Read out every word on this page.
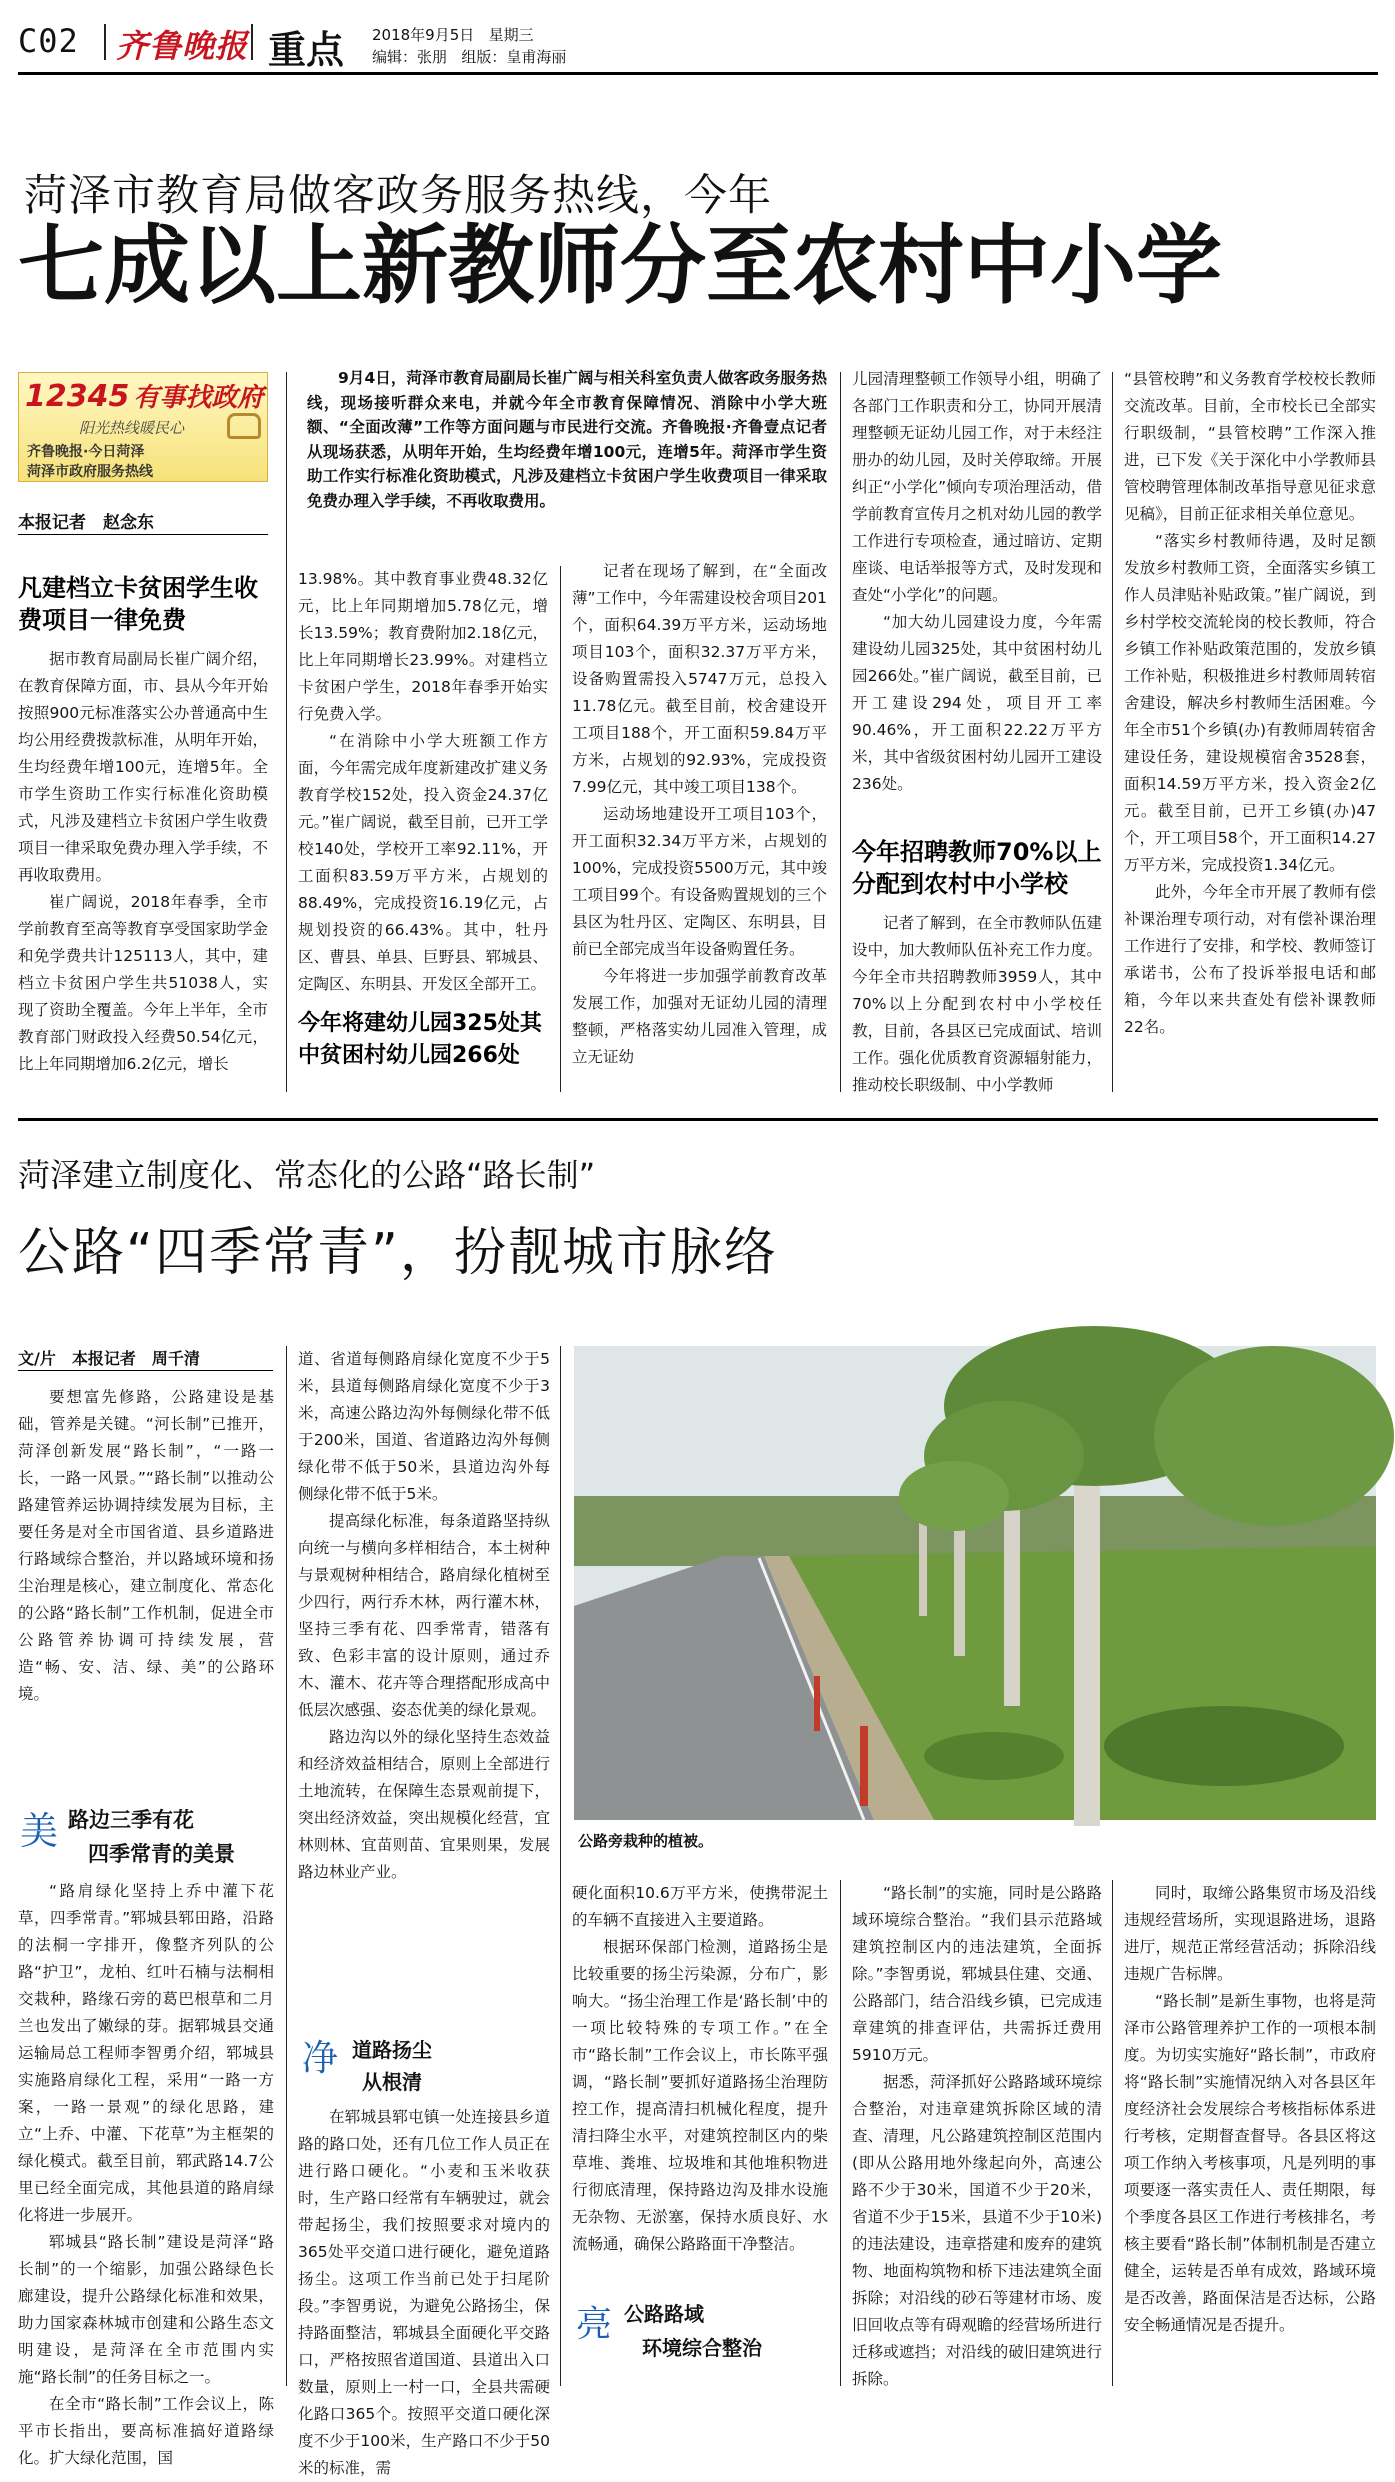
C02 齐鲁晚报 重点 2018年9月5日 星期三
编辑：张朋 组版：皇甫海丽
菏泽市教育局做客政务服务热线，今年
七成以上新教师分至农村中小学
12345 有事找政府
阳光热线暖民心
齐鲁晚报·今日菏泽
菏泽市政府服务热线
本报记者　赵念东

9月4日，菏泽市教育局副局长崔广阔与相关科室负责人做客政务服务热线，现场接听群众来电，并就今年全市教育保障情况、消除中小学大班额、“全面改薄”工作等方面问题与市民进行交流。齐鲁晚报·齐鲁壹点记者从现场获悉，从明年开始，生均经费年增100元，连增5年。菏泽市学生资助工作实行标准化资助模式，凡涉及建档立卡贫困户学生收费项目一律采取免费办理入学手续，不再收取费用。

凡建档立卡贫困学生收费项目一律免费

据市教育局副局长崔广阔介绍，在教育保障方面，市、县从今年开始按照900元标准落实公办普通高中生均公用经费拨款标准，从明年开始，生均经费年增100元，连增5年。全市学生资助工作实行标准化资助模式，凡涉及建档立卡贫困户学生收费项目一律采取免费办理入学手续，不再收取费用。

崔广阔说，2018年春季，全市学前教育至高等教育享受国家助学金和免学费共计125113人，其中，建档立卡贫困户学生共51038人，实现了资助全覆盖。今年上半年，全市教育部门财政投入经费50.54亿元，比上年同期增加6.2亿元，增长

13.98%。其中教育事业费48.32亿元，比上年同期增加5.78亿元，增长13.59%；教育费附加2.18亿元，比上年同期增长23.99%。对建档立卡贫困户学生，2018年春季开始实行免费入学。

“在消除中小学大班额工作方面，今年需完成年度新建改扩建义务教育学校152处，投入资金24.37亿元。”崔广阔说，截至目前，已开工学校140处，学校开工率92.11%，开工面积83.59万平方米，占规划的88.49%，完成投资16.19亿元，占规划投资的66.43%。其中，牡丹区、曹县、单县、巨野县、郓城县、定陶区、东明县、开发区全部开工。

今年将建幼儿园325处其中贫困村幼儿园266处

记者在现场了解到，在“全面改薄”工作中，今年需建设校舍项目201个，面积64.39万平方米，运动场地项目103个，面积32.37万平方米，设备购置需投入5747万元，总投入11.78亿元。截至目前，校舍建设开工项目188个，开工面积59.84万平方米，占规划的92.93%，完成投资7.99亿元，其中竣工项目138个。

运动场地建设开工项目103个，开工面积32.34万平方米，占规划的100%，完成投资5500万元，其中竣工项目99个。有设备购置规划的三个县区为牡丹区、定陶区、东明县，目前已全部完成当年设备购置任务。

今年将进一步加强学前教育改革发展工作，加强对无证幼儿园的清理整顿，严格落实幼儿园准入管理，成立无证幼

儿园清理整顿工作领导小组，明确了各部门工作职责和分工，协同开展清理整顿无证幼儿园工作，对于未经注册办的幼儿园，及时关停取缔。开展纠正“小学化”倾向专项治理活动，借学前教育宣传月之机对幼儿园的教学工作进行专项检查，通过暗访、定期座谈、电话举报等方式，及时发现和查处“小学化”的问题。

“加大幼儿园建设力度，今年需建设幼儿园325处，其中贫困村幼儿园266处。”崔广阔说，截至目前，已开工建设294处，项目开工率90.46%，开工面积22.22万平方米，其中省级贫困村幼儿园开工建设236处。

今年招聘教师70%以上分配到农村中小学校

记者了解到，在全市教师队伍建设中，加大教师队伍补充工作力度。今年全市共招聘教师3959人，其中70%以上分配到农村中小学校任教，目前，各县区已完成面试、培训工作。强化优质教育资源辐射能力，推动校长职级制、中小学教师

“县管校聘”和义务教育学校校长教师交流改革。目前，全市校长已全部实行职级制，“县管校聘”工作深入推进，已下发《关于深化中小学教师县管校聘管理体制改革指导意见征求意见稿》，目前正征求相关单位意见。

“落实乡村教师待遇，及时足额发放乡村教师工资，全面落实乡镇工作人员津贴补贴政策。”崔广阔说，到乡村学校交流轮岗的校长教师，符合乡镇工作补贴政策范围的，发放乡镇工作补贴，积极推进乡村教师周转宿舍建设，解决乡村教师生活困难。今年全市51个乡镇(办)有教师周转宿舍建设任务，建设规模宿舍3528套，面积14.59万平方米，投入资金2亿元。截至目前，已开工乡镇(办)47个，开工项目58个，开工面积14.27万平方米，完成投资1.34亿元。

此外，今年全市开展了教师有偿补课治理专项行动，对有偿补课治理工作进行了安排，和学校、教师签订承诺书，公布了投诉举报电话和邮箱，今年以来共查处有偿补课教师22名。

菏泽建立制度化、常态化的公路“路长制”
公路“四季常青”，扮靓城市脉络
文/片　本报记者　周千清
公路旁栽种的植被。

要想富先修路，公路建设是基础，管养是关键。“河长制”已推开，菏泽创新发展“路长制”，“一路一长，一路一风景。”“路长制”以推动公路建管养运协调持续发展为目标，主要任务是对全市国省道、县乡道路进行路域综合整治，并以路域环境和扬尘治理是核心，建立制度化、常态化的公路“路长制”工作机制，促进全市公路管养协调可持续发展，营造“畅、安、洁、绿、美”的公路环境。

美 路边三季有花
四季常青的美景

“路肩绿化坚持上乔中灌下花草，四季常青。”郓城县郓田路，沿路的法桐一字排开，像整齐列队的公路“护卫”，龙柏、红叶石楠与法桐相交栽种，路缘石旁的葛巴根草和二月兰也发出了嫩绿的芽。据郓城县交通运输局总工程师李智勇介绍，郓城县实施路肩绿化工程，采用“一路一方案，一路一景观”的绿化思路，建立“上乔、中灌、下花草”为主框架的绿化模式。截至目前，郓武路14.7公里已经全面完成，其他县道的路肩绿化将进一步展开。

郓城县“路长制”建设是菏泽“路长制”的一个缩影，加强公路绿色长廊建设，提升公路绿化标准和效果，助力国家森林城市创建和公路生态文明建设，是菏泽在全市范围内实施“路长制”的任务目标之一。

在全市“路长制”工作会议上，陈平市长指出，要高标准搞好道路绿化。扩大绿化范围，国

道、省道每侧路肩绿化宽度不少于5米，县道每侧路肩绿化宽度不少于3米，高速公路边沟外每侧绿化带不低于200米，国道、省道路边沟外每侧绿化带不低于50米，县道边沟外每侧绿化带不低于5米。

提高绿化标准，每条道路坚持纵向统一与横向多样相结合，本土树种与景观树种相结合，路肩绿化植树至少四行，两行乔木林，两行灌木林，坚持三季有花、四季常青，错落有致、色彩丰富的设计原则，通过乔木、灌木、花卉等合理搭配形成高中低层次感强、姿态优美的绿化景观。

路边沟以外的绿化坚持生态效益和经济效益相结合，原则上全部进行土地流转，在保障生态景观前提下，突出经济效益，突出规模化经营，宜林则林、宜苗则苗、宜果则果，发展路边林业产业。

净 道路扬尘
从根清

在郓城县郓屯镇一处连接县乡道路的路口处，还有几位工作人员正在进行路口硬化。“小麦和玉米收获时，生产路口经常有车辆驶过，就会带起扬尘，我们按照要求对境内的365处平交道口进行硬化，避免道路扬尘。这项工作当前已处于扫尾阶段。”李智勇说，为避免公路扬尘，保持路面整洁，郓城县全面硬化平交路口，严格按照省道国道、县道出入口数量，原则上一村一口，全县共需硬化路口365个。按照平交道口硬化深度不少于100米，生产路口不少于50米的标准，需

硬化面积10.6万平方米，使携带泥土的车辆不直接进入主要道路。

根据环保部门检测，道路扬尘是比较重要的扬尘污染源，分布广，影响大。“扬尘治理工作是‘路长制’中的一项比较特殊的专项工作。”在全市“路长制”工作会议上，市长陈平强调，“路长制”要抓好道路扬尘治理防控工作，提高清扫机械化程度，提升清扫降尘水平，对建筑控制区内的柴草堆、粪堆、垃圾堆和其他堆积物进行彻底清理，保持路边沟及排水设施无杂物、无淤塞，保持水质良好、水流畅通，确保公路路面干净整洁。

亮 公路路域
环境综合整治

“路长制”的实施，同时是公路路域环境综合整治。“我们县示范路域建筑控制区内的违法建筑，全面拆除。”李智勇说，郓城县住建、交通、公路部门，结合沿线乡镇，已完成违章建筑的排查评估，共需拆迁费用5910万元。

据悉，菏泽抓好公路路域环境综合整治，对违章建筑拆除区域的清查、清理，凡公路建筑控制区范围内(即从公路用地外缘起向外，高速公路不少于30米，国道不少于20米，省道不少于15米，县道不少于10米)的违法建设，违章搭建和废弃的建筑物、地面构筑物和桥下违法建筑全面拆除；对沿线的砂石等建材市场、废旧回收点等有碍观瞻的经营场所进行迁移或遮挡；对沿线的破旧建筑进行拆除。

同时，取缔公路集贸市场及沿线违规经营场所，实现退路进场，退路进厅，规范正常经营活动；拆除沿线违规广告标牌。

“路长制”是新生事物，也将是菏泽市公路管理养护工作的一项根本制度。为切实实施好“路长制”，市政府将“路长制”实施情况纳入对各县区年度经济社会发展综合考核指标体系进行考核，定期督查督导。各县区将这项工作纳入考核事项，凡是列明的事项要逐一落实责任人、责任期限，每个季度各县区工作进行考核排名，考核主要看“路长制”体制机制是否建立健全，运转是否单有成效，路域环境是否改善，路面保洁是否达标，公路安全畅通情况是否提升。
